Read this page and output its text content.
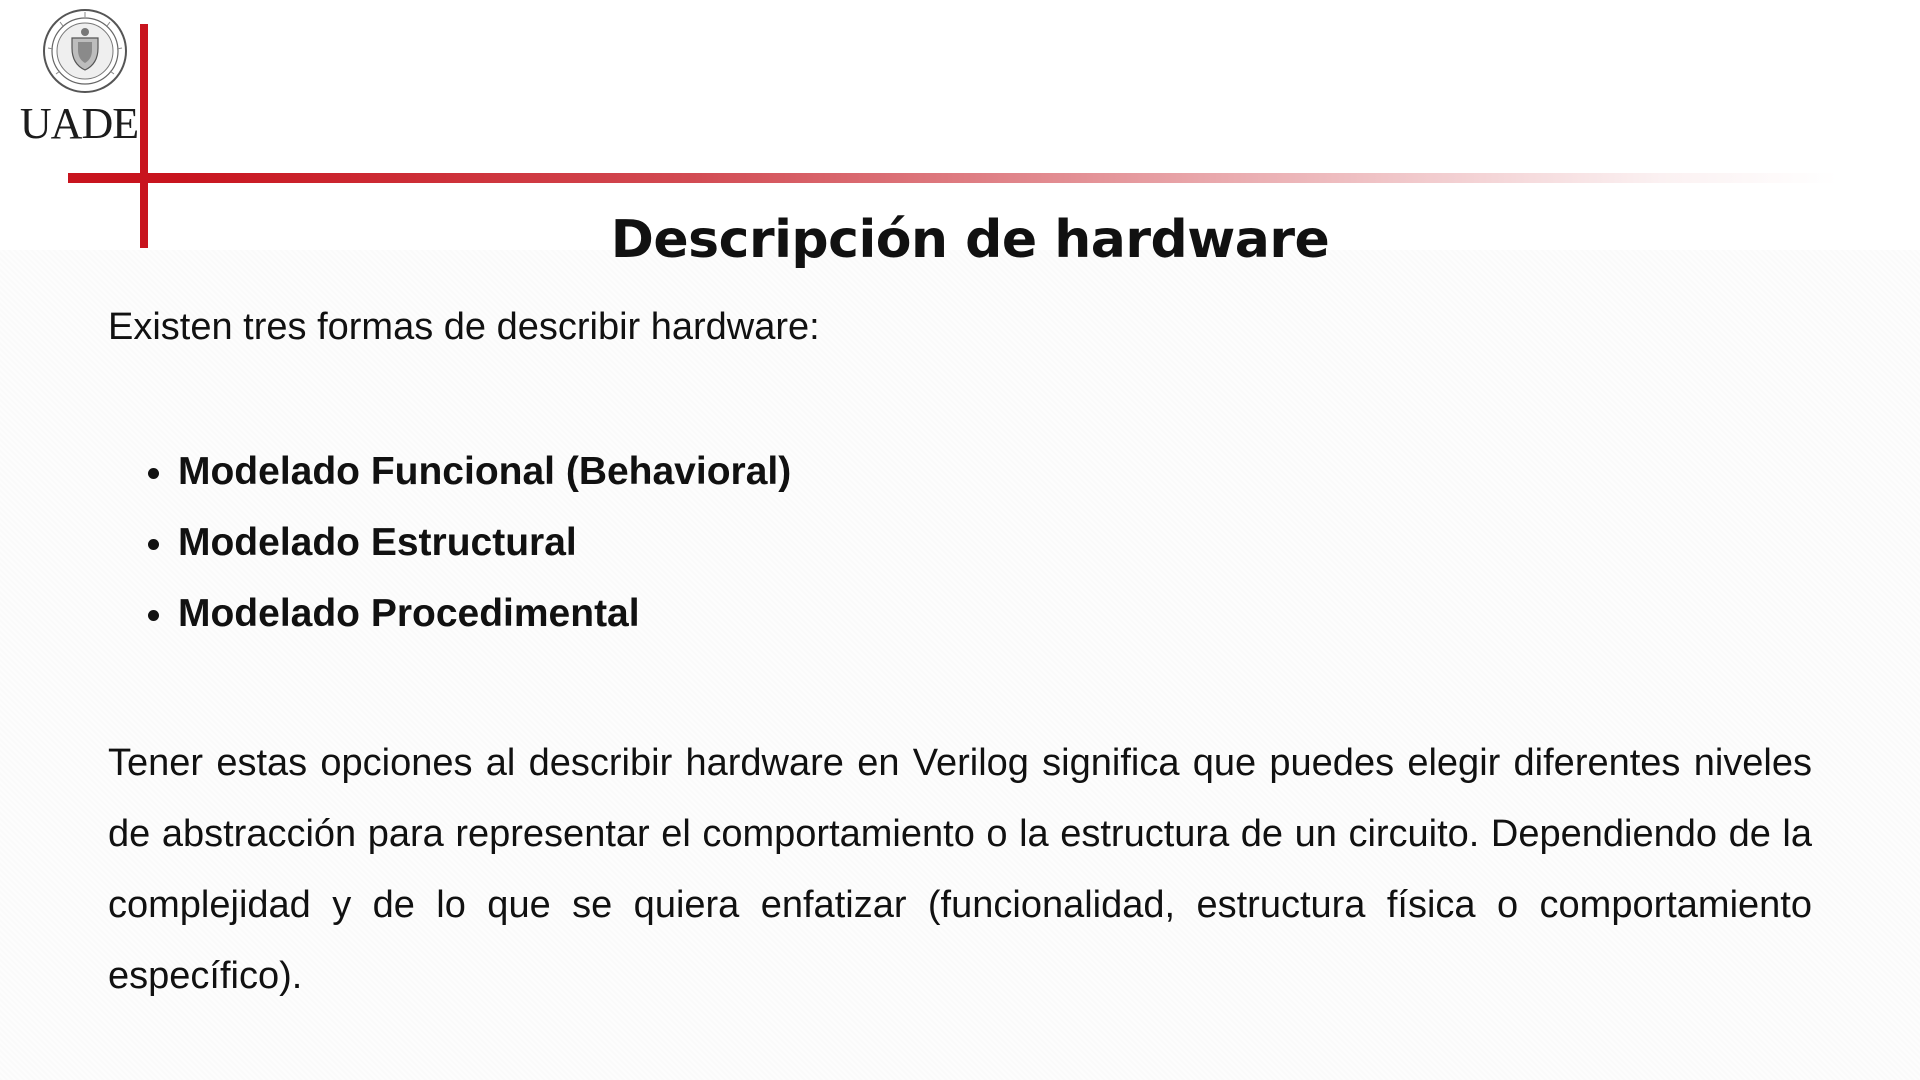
UADE
Descripción de hardware
Existen tres formas de describir hardware:
Modelado Funcional (Behavioral)
Modelado Estructural
Modelado Procedimental

Tener estas opciones al describir hardware en Verilog significa que puedes elegir diferentes niveles de abstracción para representar el comportamiento o la estructura de un circuito. Dependiendo de la complejidad y de lo que se quiera enfatizar (funcionalidad, estructura física o comportamiento específico).
